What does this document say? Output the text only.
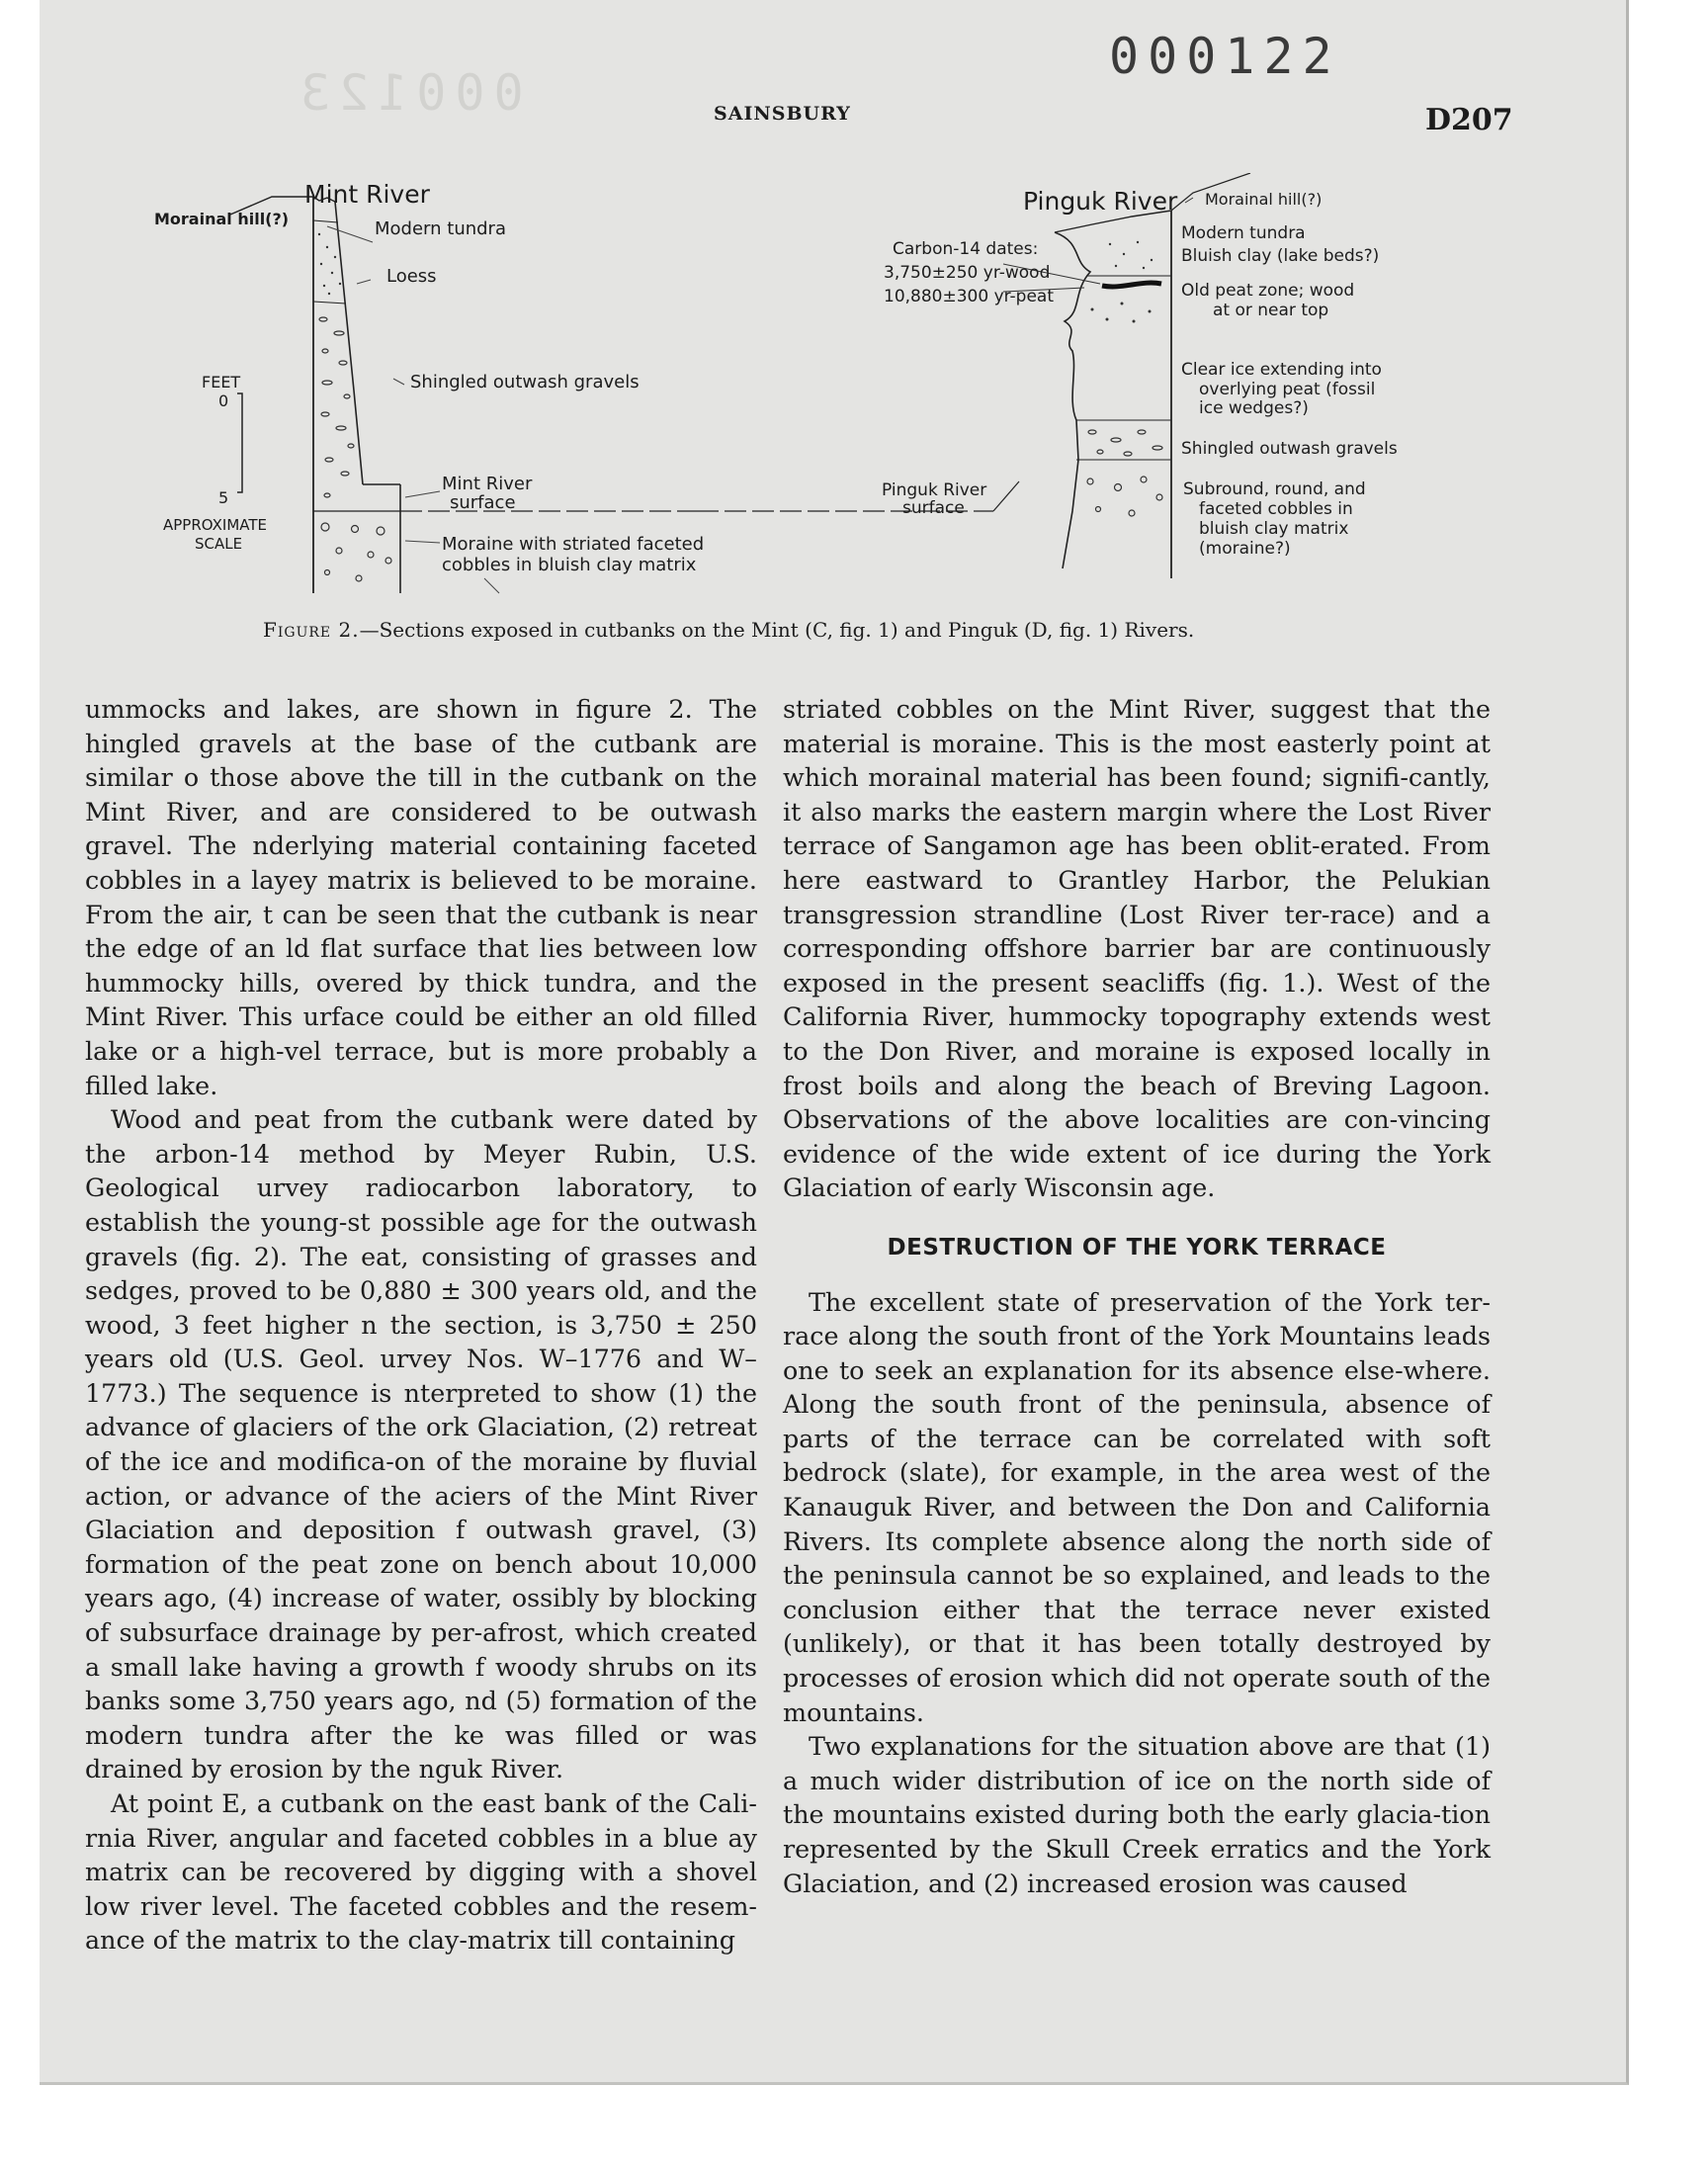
000123
000122
SAINSBURY	D207
Mint River
Morainal hill(?)	Modern tundra
Loess
Shingled outwash gravels
Mint River
surface
Moraine with striated faceted
cobbles in bluish clay matrix
FEET
0
5
APPROXIMATE
SCALE
Pinguk River Morainal hill(?)
Carbon-14 dates:
3,750±250 yr-wood
10,880±300 yr-peat
Modern tundra
Bluish clay (lake beds?)
Old peat zone; wood
at or near top
Clear ice extending into
overlying peat (fossil
ice wedges?)
Shingled outwash gravels
Subround, round, and
faceted cobbles in
bluish clay matrix
(moraine?)
Pinguk River
surface
Figure 2.—Sections exposed in cutbanks on the Mint (C, fig. 1) and Pinguk (D, fig. 1) Rivers.

ummocks and lakes, are shown in figure 2. The hingled gravels at the base of the cutbank are similar o those above the till in the cutbank on the Mint River, and are considered to be outwash gravel. The nderlying material containing faceted cobbles in a layey matrix is believed to be moraine. From the air, t can be seen that the cutbank is near the edge of an ld flat surface that lies between low hummocky hills, overed by thick tundra, and the Mint River. This urface could be either an old filled lake or a high-vel terrace, but is more probably a filled lake.

Wood and peat from the cutbank were dated by the arbon-14 method by Meyer Rubin, U.S. Geological urvey radiocarbon laboratory, to establish the young-st possible age for the outwash gravels (fig. 2). The eat, consisting of grasses and sedges, proved to be 0,880 ± 300 years old, and the wood, 3 feet higher n the section, is 3,750 ± 250 years old (U.S. Geol. urvey Nos. W–1776 and W–1773.) The sequence is nterpreted to show (1) the advance of glaciers of the ork Glaciation, (2) retreat of the ice and modifica-on of the moraine by fluvial action, or advance of the aciers of the Mint River Glaciation and deposition f outwash gravel, (3) formation of the peat zone on bench about 10,000 years ago, (4) increase of water, ossibly by blocking of subsurface drainage by per-afrost, which created a small lake having a growth f woody shrubs on its banks some 3,750 years ago, nd (5) formation of the modern tundra after the ke was filled or was drained by erosion by the nguk River.

At point E, a cutbank on the east bank of the Cali-rnia River, angular and faceted cobbles in a blue ay matrix can be recovered by digging with a shovel low river level. The faceted cobbles and the resem-ance of the matrix to the clay-matrix till containing

striated cobbles on the Mint River, suggest that the material is moraine. This is the most easterly point at which morainal material has been found; signifi-cantly, it also marks the eastern margin where the Lost River terrace of Sangamon age has been oblit-erated. From here eastward to Grantley Harbor, the Pelukian transgression strandline (Lost River ter-race) and a corresponding offshore barrier bar are continuously exposed in the present seacliffs (fig. 1.). West of the California River, hummocky topography extends west to the Don River, and moraine is exposed locally in frost boils and along the beach of Breving Lagoon. Observations of the above localities are con-vincing evidence of the wide extent of ice during the York Glaciation of early Wisconsin age.

DESTRUCTION OF THE YORK TERRACE

The excellent state of preservation of the York ter-race along the south front of the York Mountains leads one to seek an explanation for its absence else-where. Along the south front of the peninsula, absence of parts of the terrace can be correlated with soft bedrock (slate), for example, in the area west of the Kanauguk River, and between the Don and California Rivers. Its complete absence along the north side of the peninsula cannot be so explained, and leads to the conclusion either that the terrace never existed (unlikely), or that it has been totally destroyed by processes of erosion which did not operate south of the mountains.

Two explanations for the situation above are that (1) a much wider distribution of ice on the north side of the mountains existed during both the early glacia-tion represented by the Skull Creek erratics and the York Glaciation, and (2) increased erosion was caused
